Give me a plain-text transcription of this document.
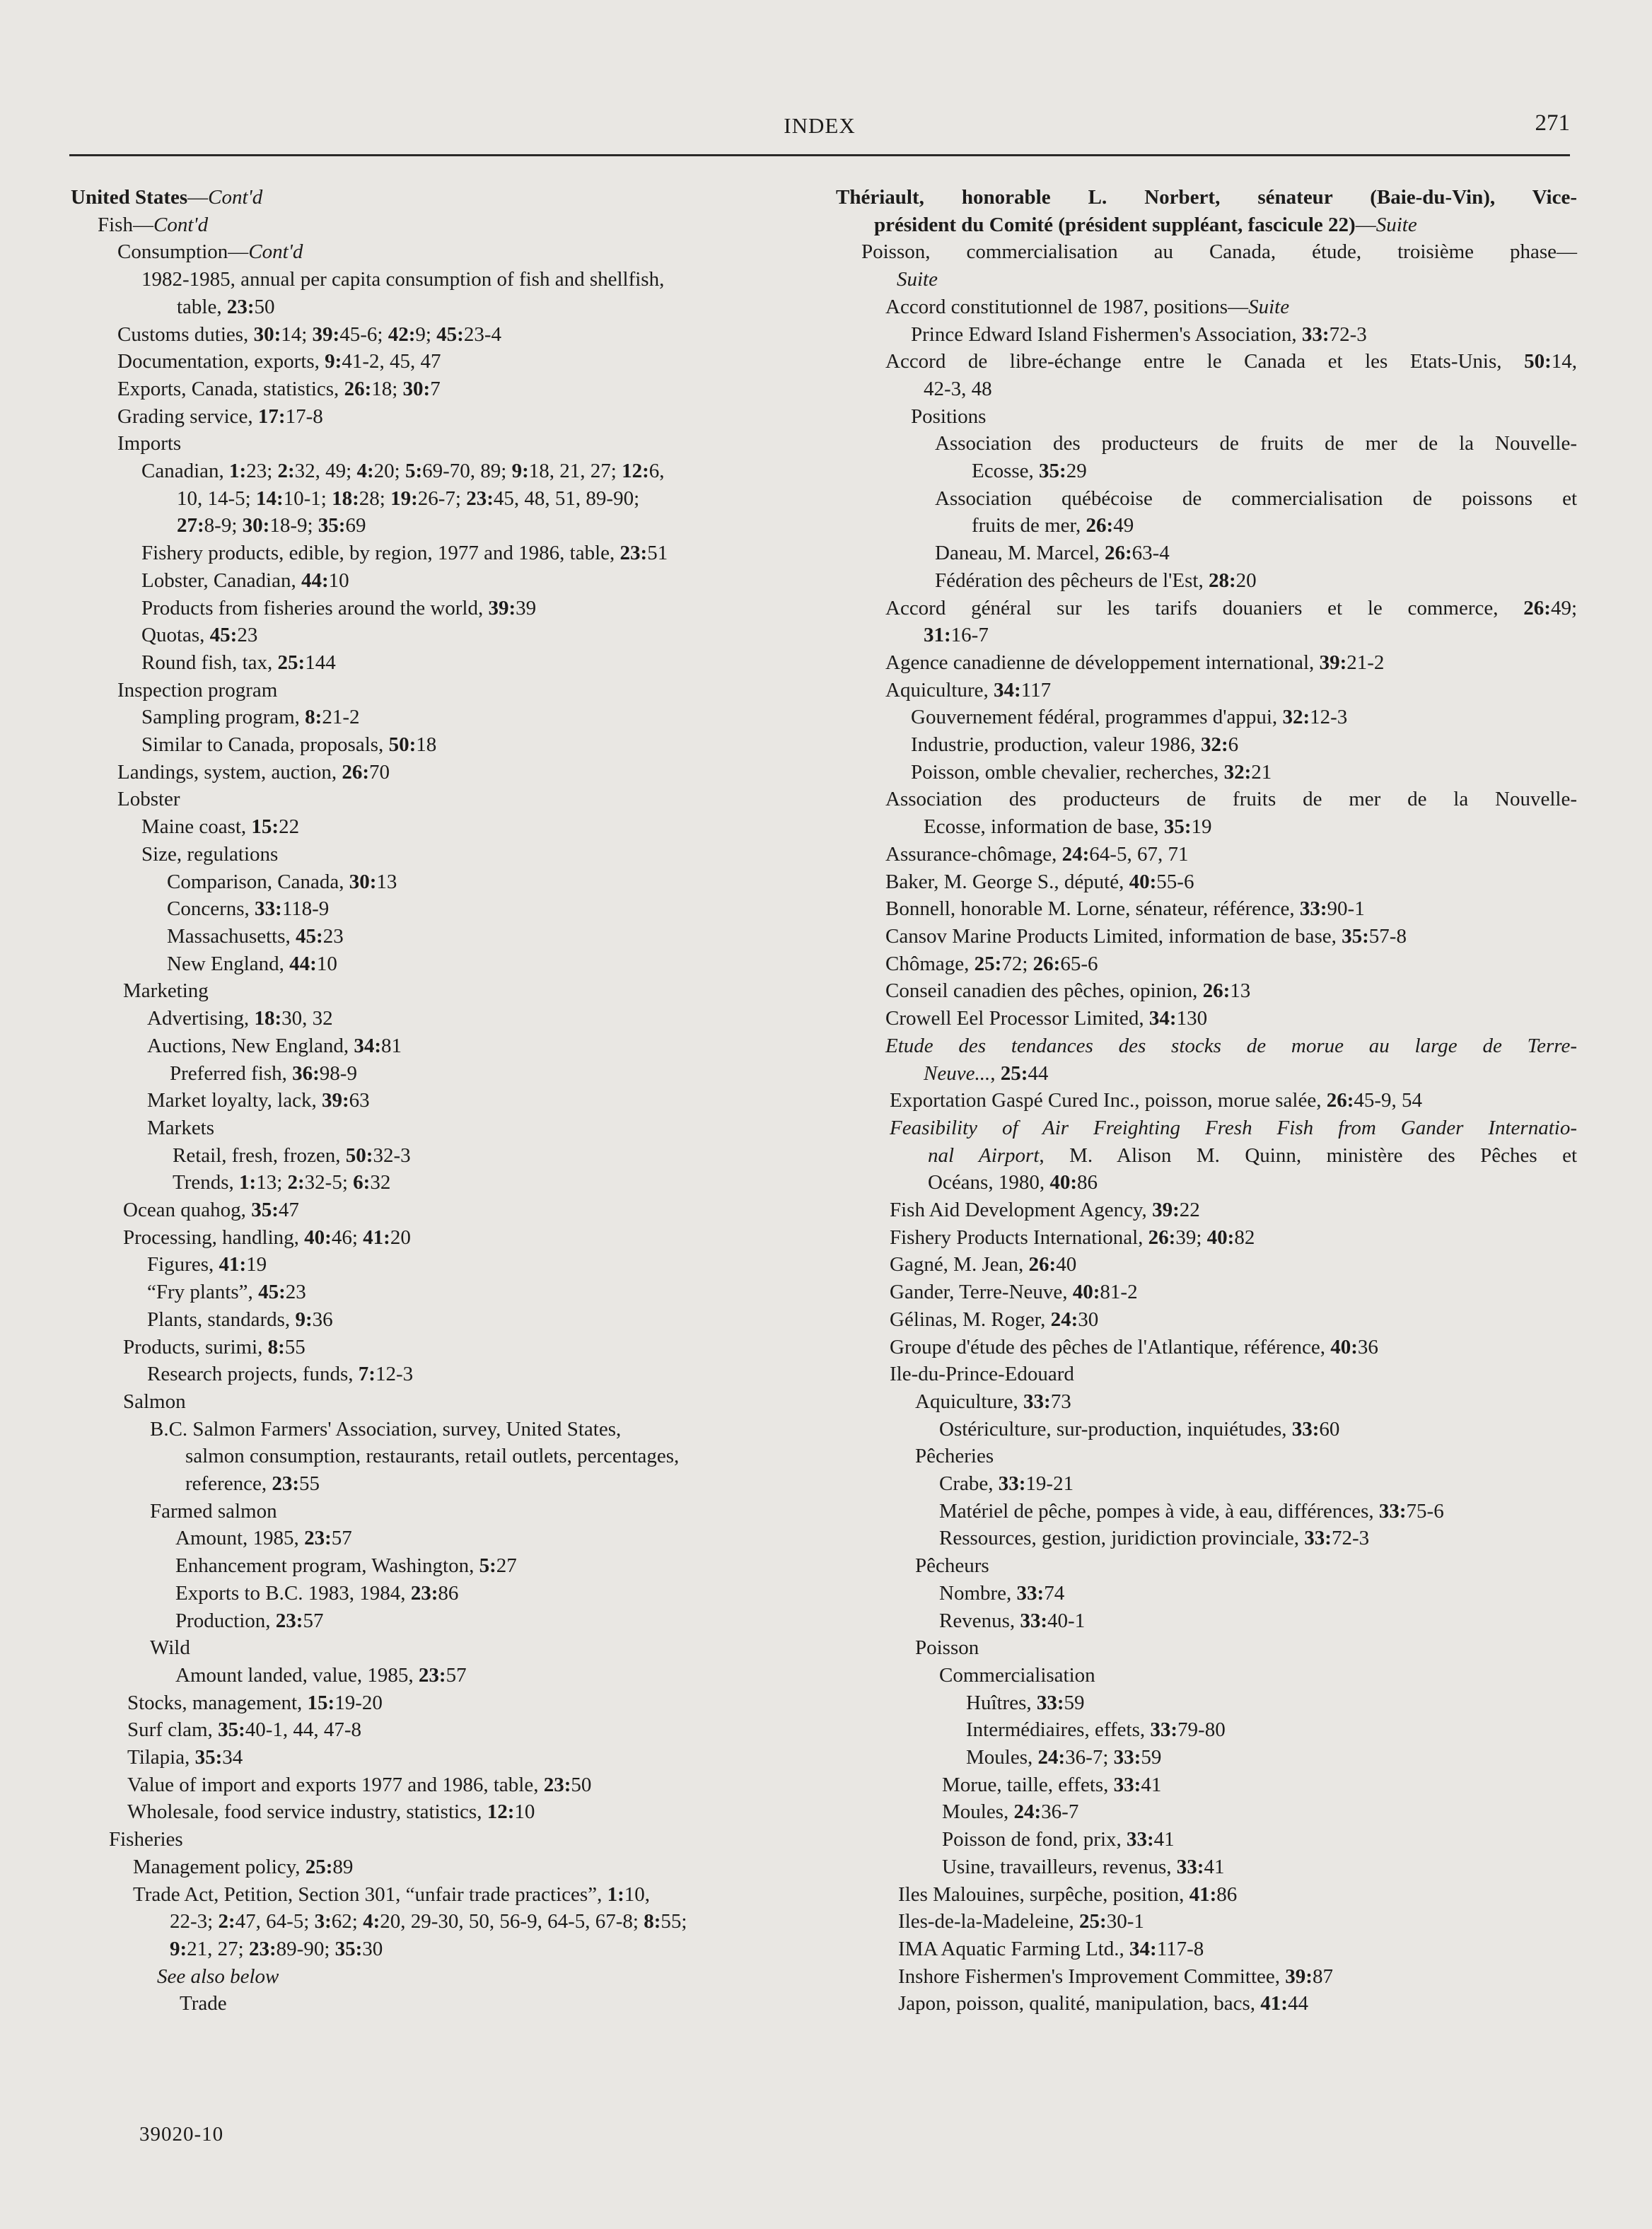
INDEX	271
United States—Cont'd
Fish—Cont'd
Consumption—Cont'd
1982-1985, annual per capita consumption of fish and shellfish,
table, 23:50
Customs duties, 30:14; 39:45-6; 42:9; 45:23-4
Documentation, exports, 9:41-2, 45, 47
Exports, Canada, statistics, 26:18; 30:7
Grading service, 17:17-8
Imports
Canadian, 1:23; 2:32, 49; 4:20; 5:69-70, 89; 9:18, 21, 27; 12:6,
10, 14-5; 14:10-1; 18:28; 19:26-7; 23:45, 48, 51, 89-90;
27:8-9; 30:18-9; 35:69
Fishery products, edible, by region, 1977 and 1986, table, 23:51
Lobster, Canadian, 44:10
Products from fisheries around the world, 39:39
Quotas, 45:23
Round fish, tax, 25:144
Inspection program
Sampling program, 8:21-2
Similar to Canada, proposals, 50:18
Landings, system, auction, 26:70
Lobster
Maine coast, 15:22
Size, regulations
Comparison, Canada, 30:13
Concerns, 33:118-9
Massachusetts, 45:23
New England, 44:10
Marketing
Advertising, 18:30, 32
Auctions, New England, 34:81
Preferred fish, 36:98-9
Market loyalty, lack, 39:63
Markets
Retail, fresh, frozen, 50:32-3
Trends, 1:13; 2:32-5; 6:32
Ocean quahog, 35:47
Processing, handling, 40:46; 41:20
Figures, 41:19
“Fry plants”, 45:23
Plants, standards, 9:36
Products, surimi, 8:55
Research projects, funds, 7:12-3
Salmon
B.C. Salmon Farmers' Association, survey, United States,
salmon consumption, restaurants, retail outlets, percentages,
reference, 23:55
Farmed salmon
Amount, 1985, 23:57
Enhancement program, Washington, 5:27
Exports to B.C. 1983, 1984, 23:86
Production, 23:57
Wild
Amount landed, value, 1985, 23:57
Stocks, management, 15:19-20
Surf clam, 35:40-1, 44, 47-8
Tilapia, 35:34
Value of import and exports 1977 and 1986, table, 23:50
Wholesale, food service industry, statistics, 12:10
Fisheries
Management policy, 25:89
Trade Act, Petition, Section 301, “unfair trade practices”, 1:10,
22-3; 2:47, 64-5; 3:62; 4:20, 29-30, 50, 56-9, 64-5, 67-8; 8:55;
9:21, 27; 23:89-90; 35:30
See also below
Trade
Thériault, honorable L. Norbert, sénateur (Baie-du-Vin), Vice-
président du Comité (président suppléant, fascicule 22)—Suite
Poisson, commercialisation au Canada, étude, troisième phase—
Suite
Accord constitutionnel de 1987, positions—Suite
Prince Edward Island Fishermen's Association, 33:72-3
Accord de libre-échange entre le Canada et les Etats-Unis, 50:14,
42-3, 48
Positions
Association des producteurs de fruits de mer de la Nouvelle-
Ecosse, 35:29
Association québécoise de commercialisation de poissons et
fruits de mer, 26:49
Daneau, M. Marcel, 26:63-4
Fédération des pêcheurs de l'Est, 28:20
Accord général sur les tarifs douaniers et le commerce, 26:49;
31:16-7
Agence canadienne de développement international, 39:21-2
Aquiculture, 34:117
Gouvernement fédéral, programmes d'appui, 32:12-3
Industrie, production, valeur 1986, 32:6
Poisson, omble chevalier, recherches, 32:21
Association des producteurs de fruits de mer de la Nouvelle-
Ecosse, information de base, 35:19
Assurance-chômage, 24:64-5, 67, 71
Baker, M. George S., député, 40:55-6
Bonnell, honorable M. Lorne, sénateur, référence, 33:90-1
Cansov Marine Products Limited, information de base, 35:57-8
Chômage, 25:72; 26:65-6
Conseil canadien des pêches, opinion, 26:13
Crowell Eel Processor Limited, 34:130
Etude des tendances des stocks de morue au large de Terre-
Neuve..., 25:44
Exportation Gaspé Cured Inc., poisson, morue salée, 26:45-9, 54
Feasibility of Air Freighting Fresh Fish from Gander Internatio-
nal Airport, M. Alison M. Quinn, ministère des Pêches et
Océans, 1980, 40:86
Fish Aid Development Agency, 39:22
Fishery Products International, 26:39; 40:82
Gagné, M. Jean, 26:40
Gander, Terre-Neuve, 40:81-2
Gélinas, M. Roger, 24:30
Groupe d'étude des pêches de l'Atlantique, référence, 40:36
Ile-du-Prince-Edouard
Aquiculture, 33:73
Ostériculture, sur-production, inquiétudes, 33:60
Pêcheries
Crabe, 33:19-21
Matériel de pêche, pompes à vide, à eau, différences, 33:75-6
Ressources, gestion, juridiction provinciale, 33:72-3
Pêcheurs
Nombre, 33:74
Revenus, 33:40-1
Poisson
Commercialisation
Huîtres, 33:59
Intermédiaires, effets, 33:79-80
Moules, 24:36-7; 33:59
Morue, taille, effets, 33:41
Moules, 24:36-7
Poisson de fond, prix, 33:41
Usine, travailleurs, revenus, 33:41
Iles Malouines, surpêche, position, 41:86
Iles-de-la-Madeleine, 25:30-1
IMA Aquatic Farming Ltd., 34:117-8
Inshore Fishermen's Improvement Committee, 39:87
Japon, poisson, qualité, manipulation, bacs, 41:44
39020-10
